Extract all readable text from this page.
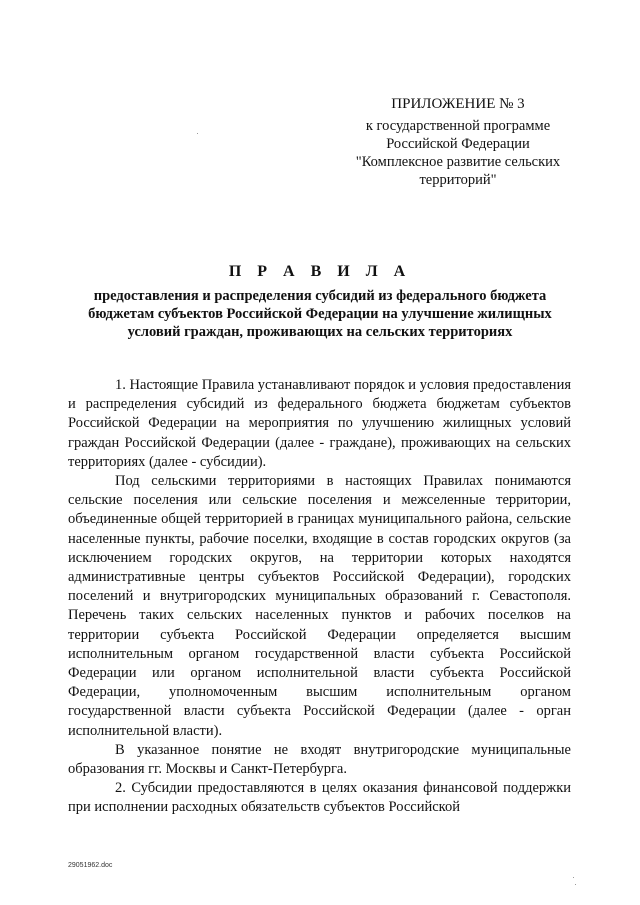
ПРИЛОЖЕНИЕ № 3
к государственной программе
Российской Федерации
"Комплексное развитие сельских
территорий"
П Р А В И Л А
предоставления и распределения субсидий из федерального бюджета
бюджетам субъектов Российской Федерации на улучшение жилищных
условий граждан, проживающих на сельских территориях

1. Настоящие Правила устанавливают порядок и условия предоставления и распределения субсидий из федерального бюджета бюджетам субъектов Российской Федерации на мероприятия по улучшению жилищных условий граждан Российской Федерации (далее - граждане), проживающих на сельских территориях (далее - субсидии).

Под сельскими территориями в настоящих Правилах понимаются сельские поселения или сельские поселения и межселенные территории, объединенные общей территорией в границах муниципального района, сельские населенные пункты, рабочие поселки, входящие в состав городских округов (за исключением городских округов, на территории которых находятся административные центры субъектов Российской Федерации), городских поселений и внутригородских муниципальных образований г. Севастополя. Перечень таких сельских населенных пунктов и рабочих поселков на территории субъекта Российской Федерации определяется высшим исполнительным органом государственной власти субъекта Российской Федерации или органом исполнительной власти субъекта Российской Федерации, уполномоченным высшим исполнительным органом государственной власти субъекта Российской Федерации (далее - орган исполнительной власти).

В указанное понятие не входят внутригородские муниципальные образования гг. Москвы и Санкт-Петербурга.

2. Субсидии предоставляются в целях оказания финансовой поддержки при исполнении расходных обязательств субъектов Российской

29051962.doc
